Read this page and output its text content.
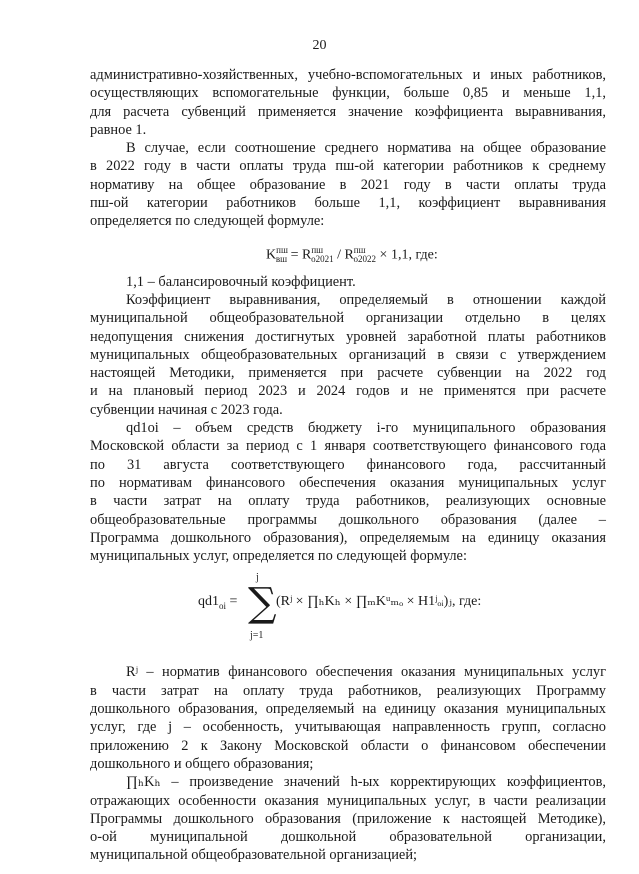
20
административно-хозяйственных, учебно-вспомогательных и иных работников,
осуществляющих вспомогательные функции, больше 0,85 и меньше 1,1,
для расчета субвенций применяется значение коэффициента выравнивания,
равное 1.
В случае, если соотношение среднего норматива на общее образование
в 2022 году в части оплаты труда пш-ой категории работников к среднему
нормативу на общее образование в 2021 году в части оплаты труда
пш-ой категории работников больше 1,1, коэффициент выравнивания
определяется по следующей формуле:
$K^{пш}_{вш} = R^{пш}_{o2021} / R^{пш}_{o2022} \times 1,1$, где:
1,1 – балансировочный коэффициент.
Коэффициент выравнивания, определяемый в отношении каждой
муниципальной общеобразовательной организации отдельно в целях
недопущения снижения достигнутых уровней заработной платы работников
муниципальных общеобразовательных организаций в связи с утверждением
настоящей Методики, применяется при расчете субвенции на 2022 год
и на плановый период 2023 и 2024 годов и не применятся при расчете
субвенции начиная с 2023 года.
qd1oi – объем средств бюджету i-го муниципального образования
Московской области за период с 1 января соответствующего финансового года
по 31 августа соответствующего финансового года, рассчитанный
по нормативам финансового обеспечения оказания муниципальных услуг
в части затрат на оплату труда работников, реализующих основные
общеобразовательные программы дошкольного образования (далее –
Программа дошкольного образования), определяемым на единицу оказания
муниципальных услуг, определяется по следующей формуле:
$qd1_{oi}$ =
j
∑
j=1
(Rʲ × ∏ₕKₕ × ∏ₘKᵘₘₒ × H1ʲₒᵢ)ⱼ, где:
Rʲ – норматив финансового обеспечения оказания муниципальных услуг
в части затрат на оплату труда работников, реализующих Программу
дошкольного образования, определяемый на единицу оказания муниципальных
услуг, где j – особенность, учитывающая направленность групп, согласно
приложению 2 к Закону Московской области о финансовом обеспечении
дошкольного и общего образования;
∏ₕKₕ – произведение значений h-ых корректирующих коэффициентов,
отражающих особенности оказания муниципальных услуг, в части реализации
Программы дошкольного образования (приложение к настоящей Методике),
о-ой муниципальной дошкольной образовательной организации,
муниципальной общеобразовательной организацией;
